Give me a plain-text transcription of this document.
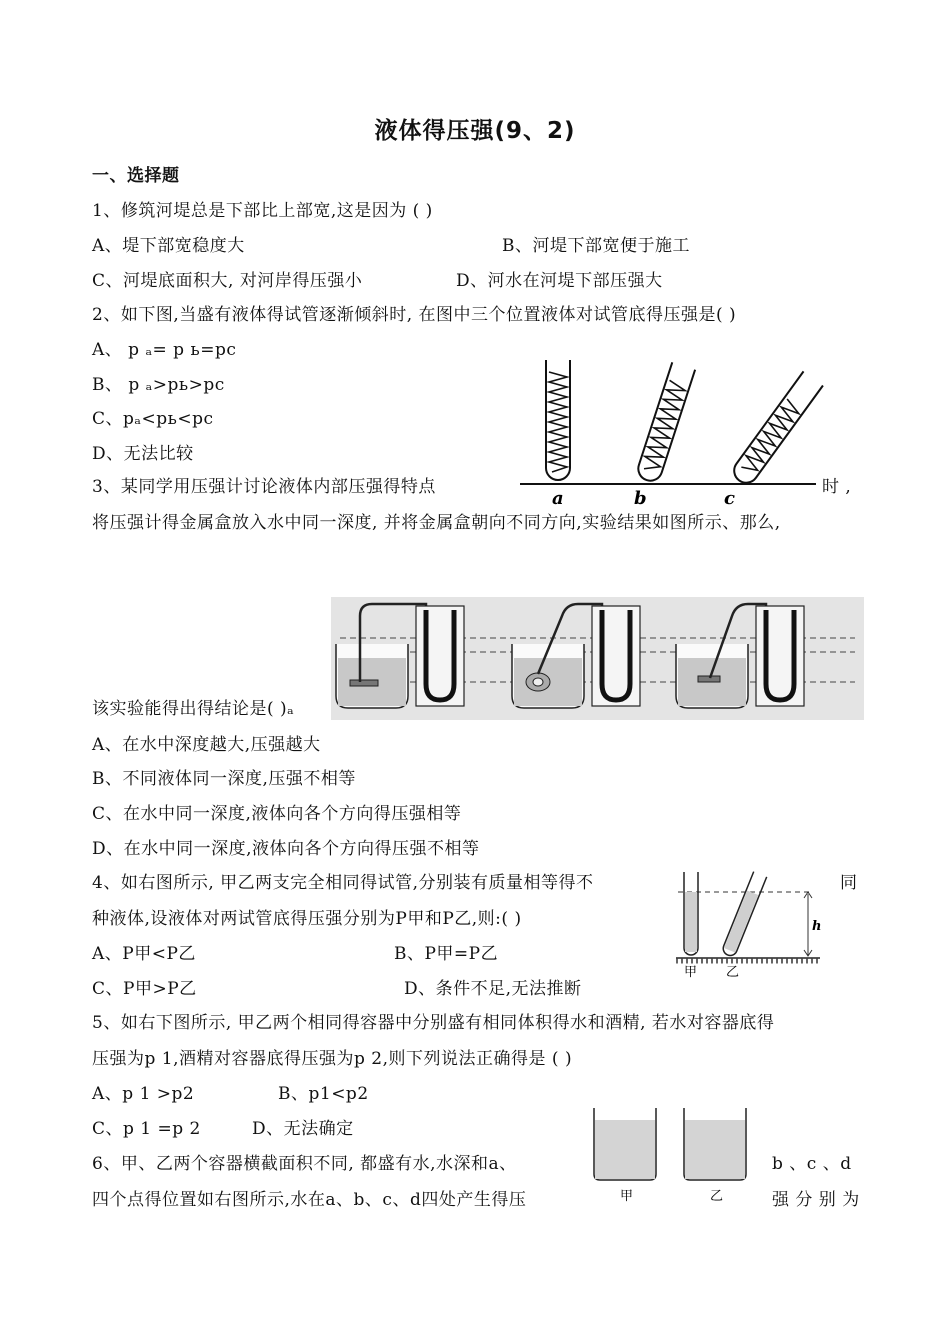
液体得压强(9、2)
一、选择题
1、修筑河堤总是下部比上部宽,这是因为 ( )
A、堤下部宽稳度大	B、河堤下部宽便于施工
C、河堤底面积大, 对河岸得压强小	D、河水在河堤下部压强大
2、如下图,当盛有液体得试管逐渐倾斜时, 在图中三个位置液体对试管底得压强是( )
A、 p ₐ= p ь=pc
B、 p ₐ>pь>pc
C、pₐ<pь<pc
D、无法比较
a	b	c
3、某同学用压强计讨论液体内部压强得特点	时 ,
将压强计得金属盒放入水中同一深度, 并将金属盒朝向不同方向,实验结果如图所示、那么,
该实验能得出得结论是( )ₐ
A、在水中深度越大,压强越大
B、不同液体同一深度,压强不相等
C、在水中同一深度,液体向各个方向得压强相等
D、在水中同一深度,液体向各个方向得压强不相等
4、如右图所示, 甲乙两支完全相同得试管,分别装有质量相等得不	同
种液体,设液体对两试管底得压强分别为P甲和P乙,则:( )
甲 乙
h
A、P甲<P乙	B、P甲=P乙
C、P甲>P乙	D、条件不足,无法推断
5、如右下图所示, 甲乙两个相同得容器中分别盛有相同体积得水和酒精, 若水对容器底得
压强为p 1,酒精对容器底得压强为p 2,则下列说法正确得是 ( )
A、p 1 >p2	B、p1<p2
C、p 1 =p 2	D、无法确定
甲	乙
6、甲、乙两个容器横截面积不同, 都盛有水,水深和a、	b 、c 、d
四个点得位置如右图所示,水在a、b、c、d四处产生得压	强 分 别 为
